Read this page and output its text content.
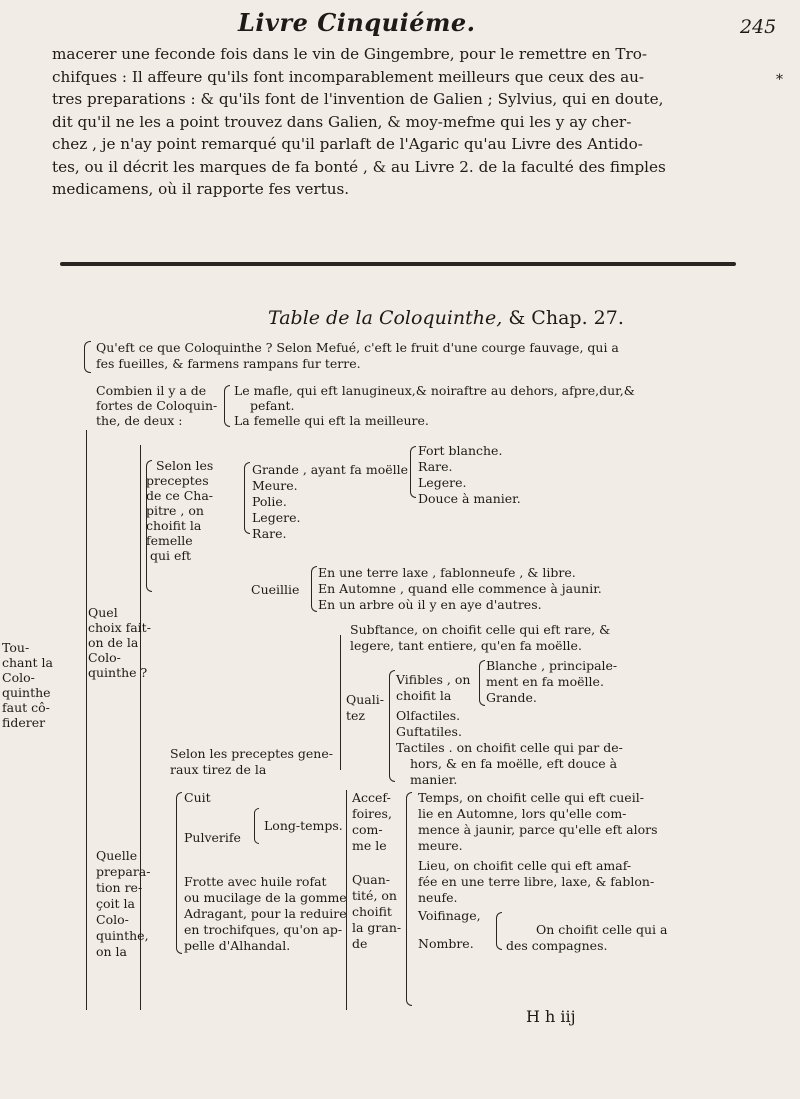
Livre Cinquiéme.	245
*
macerer une feconde fois dans le vin de Gingembre, pour le remettre en Tro-
chifques : Il affeure qu'ils font incomparablement meilleurs que ceux des au-
tres preparations : & qu'ils font de l'invention de Galien ; Sylvius, qui en doute,
dit qu'il ne les a point trouvez dans Galien, & moy-mefme qui les y ay cher-
chez , je n'ay point remarqué qu'il parlaft de l'Agaric qu'au Livre des Antido-
tes, ou il décrit les marques de fa bonté , & au Livre 2. de la faculté des fimples
medicamens, où il rapporte fes vertus.
Table de la Coloquinthe, & Chap. 27.
Qu'eft ce que Coloquinthe ? Selon Mefué, c'eft le fruit d'une courge fauvage, qui a
fes fueilles, & farmens rampans fur terre.
Combien il y a de
fortes de Coloquin-
the, de deux :
Le mafle, qui eft lanugineux,& noiraftre au dehors, afpre,dur,&
pefant.
La femelle qui eft la meilleure.
Tou-
chant la
Colo-
quinthe
faut cô-
fiderer
Quel
choix fait-
on de la
Colo-
quinthe ?
Selon les
preceptes
de ce Cha-
pitre , on
choifit la
femelle
qui eft
Grande , ayant fa moëlle
Meure.
Polie.
Legere.
Rare.
Fort blanche.
Rare.
Legere.
Douce à manier.
Cueillie
En une terre laxe , fablonneufe , & libre.
En Automne , quand elle commence à jaunir.
En un arbre où il y en aye d'autres.
Subftance, on choifit celle qui eft rare, &
legere, tant entiere, qu'en fa moëlle.
Quali-
tez
Vifibles , on
choifit la
Blanche , principale-
ment en fa moëlle.
Grande.
Olfactiles.
Guftatiles.
Tactiles . on choifit celle qui par de-
hors, & en fa moëlle, eft douce à
manier.
Selon les preceptes gene-
raux tirez de la
Accef-
foires,
com-
me le
Temps, on choifit celle qui eft cueil-
lie en Automne, lors qu'elle com-
mence à jaunir, parce qu'elle eft alors
meure.
Lieu, on choifit celle qui eft amaf-
fée en une terre libre, laxe, & fablon-
neufe.
Quan-
tité, on
choifit
la gran-
de
Voifinage,
Nombre.
On choifit celle qui a
des compagnes.
Quelle
prepara-
tion re-
çoit la
Colo-
quinthe,
on la
Cuit
Pulverife
Long-temps.
Frotte avec huile rofat
ou mucilage de la gomme
Adragant, pour la reduire
en trochifques, qu'on ap-
pelle d'Alhandal.
H h iij
